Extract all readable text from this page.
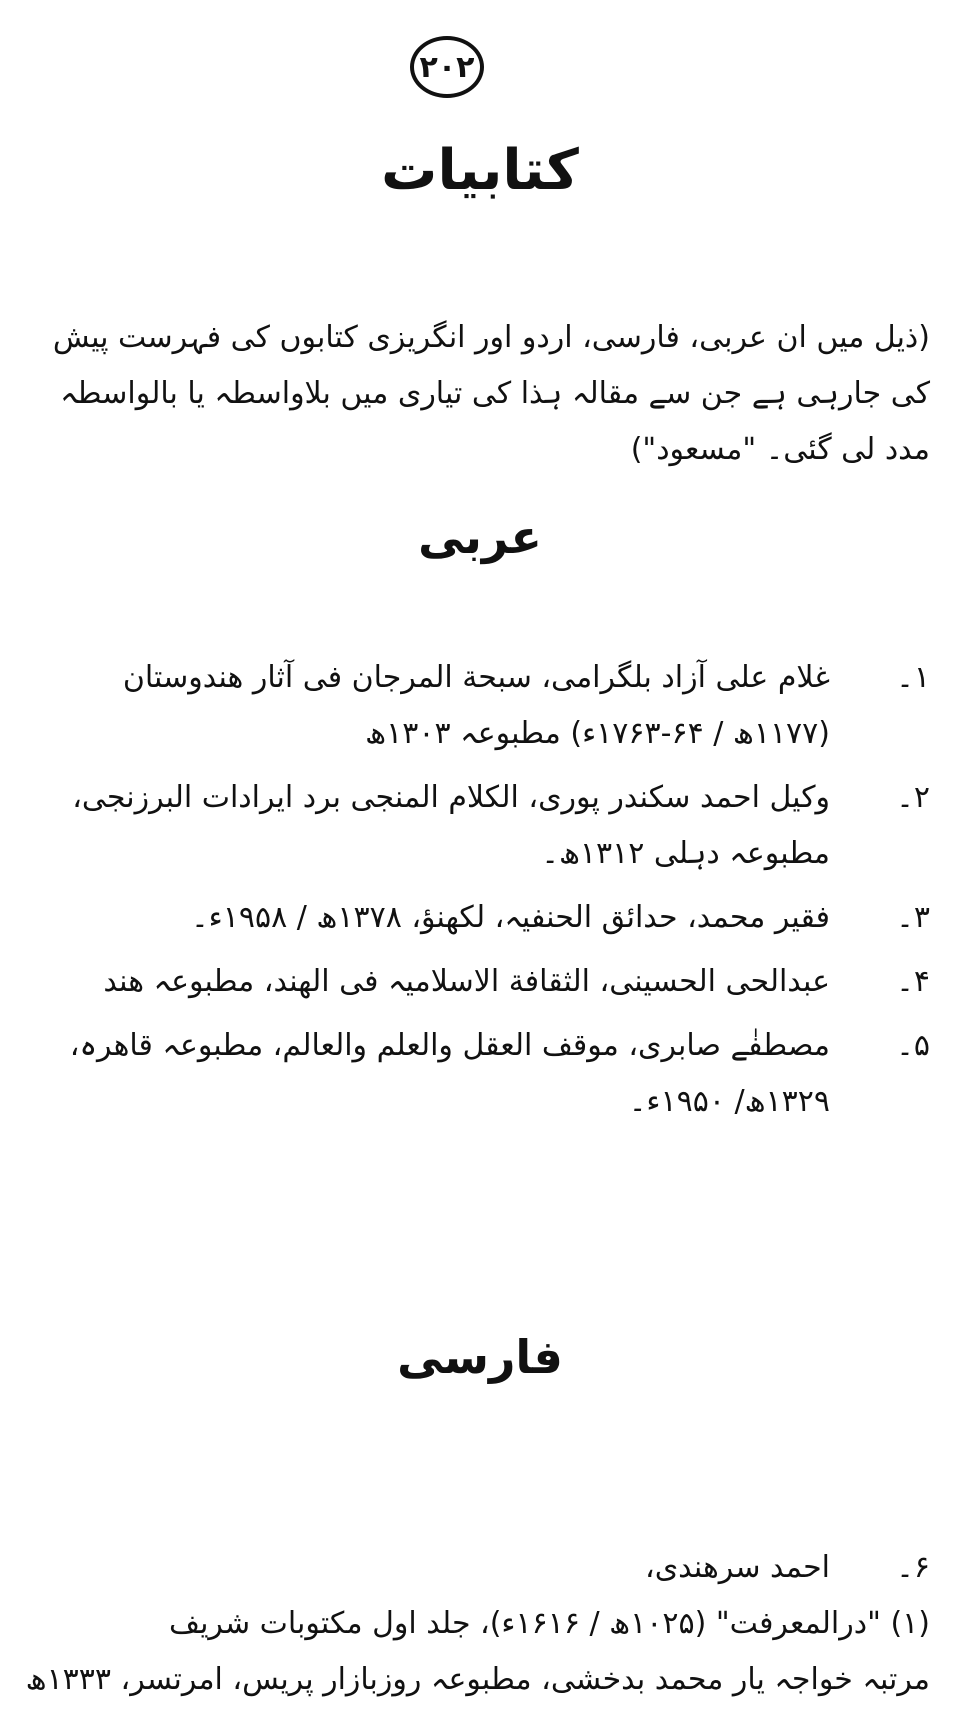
۲۰۲
کتابیات
(ذیل میں ان عربی، فارسی، اردو اور انگریزی کتابوں کی فہرست پیش کی جارہی ہے جن سے مقالہ ہذا کی تیاری میں بلاواسطہ یا بالواسطہ مدد لی گئی۔ "مسعود")
عربی
۱۔
غلام علی آزاد بلگرامی، سبحة المرجان فی آثار ھندوستان (۱۱۷۷ھ / ۶۴-۱۷۶۳ء) مطبوعہ ۱۳۰۳ھ
۲۔
وکیل احمد سکندر پوری، الکلام المنجی برد ایرادات البرزنجی، مطبوعہ دہلی ۱۳۱۲ھ۔
۳۔
فقیر محمد، حدائق الحنفیہ، لکھنؤ، ۱۳۷۸ھ / ۱۹۵۸ء۔
۴۔
عبدالحی الحسینی، الثقافة الاسلامیہ فی الھند، مطبوعہ ھند
۵۔
مصطفٰے صابری، موقف العقل والعلم والعالم، مطبوعہ قاھرہ، ۱۳۲۹ھ/ ۱۹۵۰ء۔
فارسی
۶۔
احمد سرھندی،
(۱) "درالمعرفت" (۱۰۲۵ھ / ۱۶۱۶ء)، جلد اول مکتوبات شریف
مرتبہ خواجہ یار محمد بدخشی، مطبوعہ روزبازار پریس، امرتسر، ۱۳۳۳ھ
